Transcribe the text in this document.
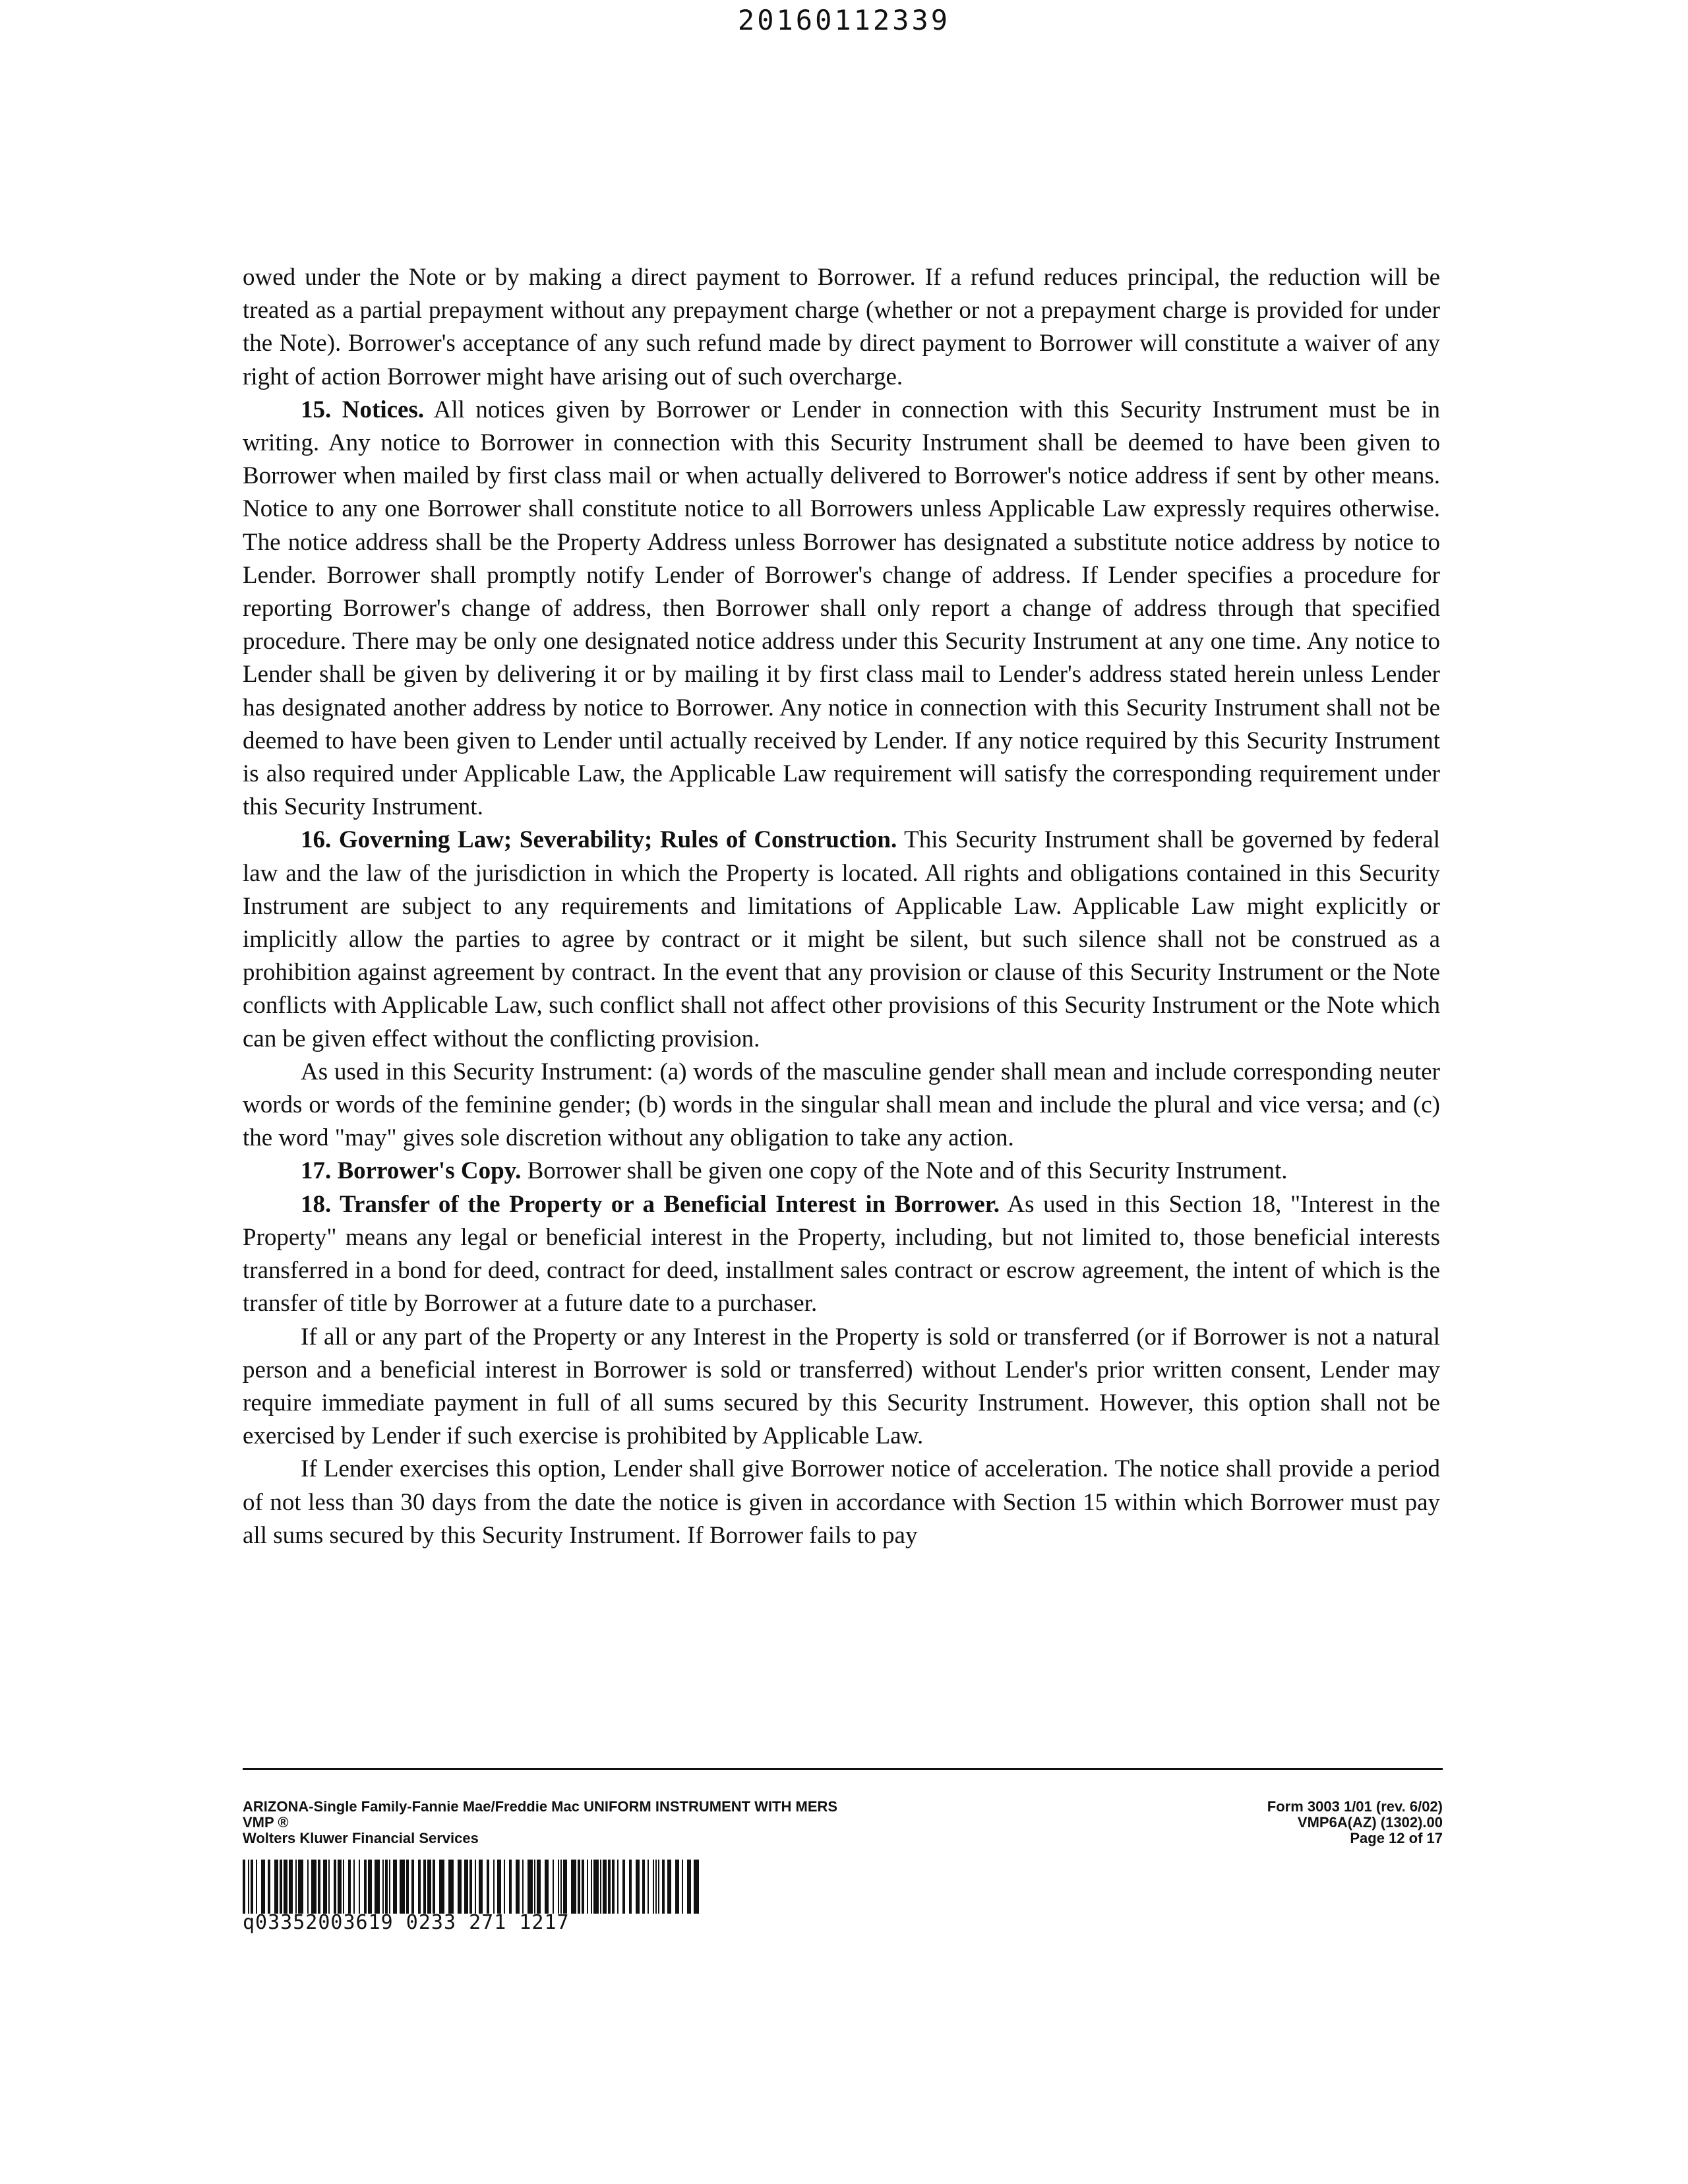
20160112339

owed under the Note or by making a direct payment to Borrower. If a refund reduces principal, the reduction will be treated as a partial prepayment without any prepayment charge (whether or not a prepayment charge is provided for under the Note). Borrower's acceptance of any such refund made by direct payment to Borrower will constitute a waiver of any right of action Borrower might have arising out of such overcharge.

15. Notices. All notices given by Borrower or Lender in connection with this Security Instrument must be in writing. Any notice to Borrower in connection with this Security Instrument shall be deemed to have been given to Borrower when mailed by first class mail or when actually delivered to Borrower's notice address if sent by other means. Notice to any one Borrower shall constitute notice to all Borrowers unless Applicable Law expressly requires otherwise. The notice address shall be the Property Address unless Borrower has designated a substitute notice address by notice to Lender. Borrower shall promptly notify Lender of Borrower's change of address. If Lender specifies a procedure for reporting Borrower's change of address, then Borrower shall only report a change of address through that specified procedure. There may be only one designated notice address under this Security Instrument at any one time. Any notice to Lender shall be given by delivering it or by mailing it by first class mail to Lender's address stated herein unless Lender has designated another address by notice to Borrower. Any notice in connection with this Security Instrument shall not be deemed to have been given to Lender until actually received by Lender. If any notice required by this Security Instrument is also required under Applicable Law, the Applicable Law requirement will satisfy the corresponding requirement under this Security Instrument.

16. Governing Law; Severability; Rules of Construction. This Security Instrument shall be governed by federal law and the law of the jurisdiction in which the Property is located. All rights and obligations contained in this Security Instrument are subject to any requirements and limitations of Applicable Law. Applicable Law might explicitly or implicitly allow the parties to agree by contract or it might be silent, but such silence shall not be construed as a prohibition against agreement by contract. In the event that any provision or clause of this Security Instrument or the Note conflicts with Applicable Law, such conflict shall not affect other provisions of this Security Instrument or the Note which can be given effect without the conflicting provision.

As used in this Security Instrument: (a) words of the masculine gender shall mean and include corresponding neuter words or words of the feminine gender; (b) words in the singular shall mean and include the plural and vice versa; and (c) the word "may" gives sole discretion without any obligation to take any action.

17. Borrower's Copy. Borrower shall be given one copy of the Note and of this Security Instrument.

18. Transfer of the Property or a Beneficial Interest in Borrower. As used in this Section 18, "Interest in the Property" means any legal or beneficial interest in the Property, including, but not limited to, those beneficial interests transferred in a bond for deed, contract for deed, installment sales contract or escrow agreement, the intent of which is the transfer of title by Borrower at a future date to a purchaser.

If all or any part of the Property or any Interest in the Property is sold or transferred (or if Borrower is not a natural person and a beneficial interest in Borrower is sold or transferred) without Lender's prior written consent, Lender may require immediate payment in full of all sums secured by this Security Instrument. However, this option shall not be exercised by Lender if such exercise is prohibited by Applicable Law.

If Lender exercises this option, Lender shall give Borrower notice of acceleration. The notice shall provide a period of not less than 30 days from the date the notice is given in accordance with Section 15 within which Borrower must pay all sums secured by this Security Instrument. If Borrower fails to pay

ARIZONA-Single Family-Fannie Mae/Freddie Mac UNIFORM INSTRUMENT WITH MERS
VMP ®
Wolters Kluwer Financial Services
Form 3003 1/01 (rev. 6/02)
VMP6A(AZ) (1302).00
Page 12 of 17
q03352003619 0233 271 1217
